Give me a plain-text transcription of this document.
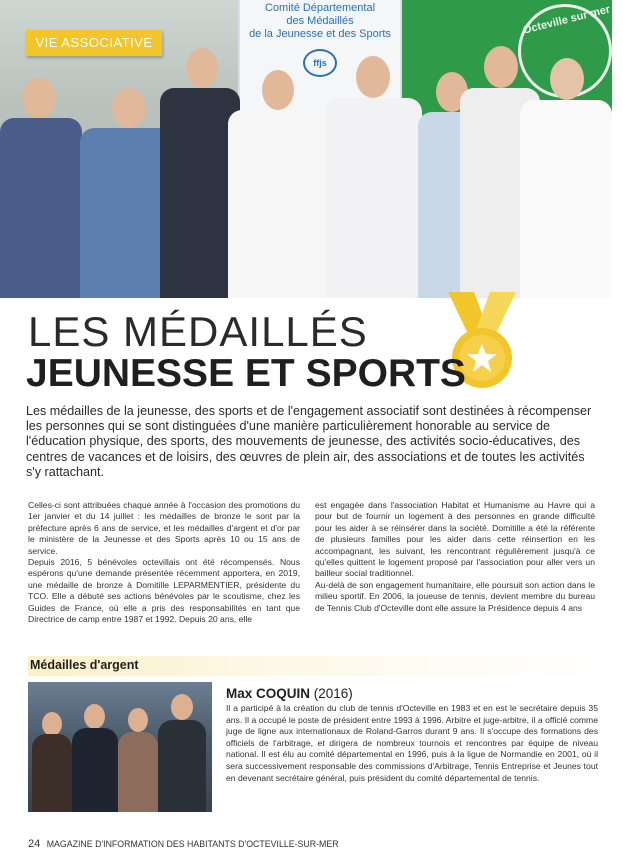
Octeville sur mer
Comité Départemental
des Médaillés
de la Jeunesse et des Sports
ffjs
VIE ASSOCIATIVE
LES MÉDAILLÉS
JEUNESSE ET SPORTS

Les médailles de la jeunesse, des sports et de l'engagement associatif sont destinées à récompenser les personnes qui se sont distinguées d'une manière particulièrement honorable au service de l'éducation physique, des sports, des mouvements de jeunesse, des activités socio-éducatives, des centres de vacances et de loisirs, des œuvres de plein air, des associations et de toutes les activités s'y rattachant.

Celles-ci sont attribuées chaque année à l'occasion des promotions du 1er janvier et du 14 juillet : les médailles de bronze le sont par la préfecture après 6 ans de service, et les médailles d'argent et d'or par le ministère de la Jeunesse et des Sports après 10 ou 15 ans de service.

Depuis 2016, 5 bénévoles octevillais ont été récompensés. Nous espérons qu'une demande présentée récemment apportera, en 2019, une médaille de bronze à Domitille LEPARMENTIER, présidente du TCO. Elle a débuté ses actions bénévoles par le scoutisme, chez les Guides de France, où elle a pris des responsabilités en tant que Directrice de camp entre 1987 et 1992. Depuis 20 ans, elle

est engagée dans l'association Habitat et Humanisme au Havre qui a pour but de fournir un logement à des personnes en grande difficulté pour les aider à se réinsérer dans la société. Domitille a été la référente de plusieurs familles pour les aider dans cette réinsertion en les accompagnant, les suivant, les rencontrant régulièrement jusqu'à ce qu'elles quittent le logement proposé par l'association pour aller vers un bailleur social traditionnel.

Au-delà de son engagement humanitaire, elle poursuit son action dans le milieu sportif. En 2006, la joueuse de tennis, devient membre du bureau de Tennis Club d'Octeville dont elle assure la Présidence depuis 4 ans

Médailles d'argent
Max COQUIN (2016)

Il a participé à la création du club de tennis d'Octeville en 1983 et en est le secrétaire depuis 35 ans. Il a occupé le poste de président entre 1993 à 1996. Arbitre et juge-arbitre, il a officié comme juge de ligne aux internationaux de Roland-Garros durant 9 ans. Il s'occupe des formations des officiels de l'arbitrage, et dirigera de nombreux tournois et rencontres par équipe de niveau national. Il est élu au comité départemental en 1996, puis à la ligue de Normandie en 2001, où il sera successivement responsable des commissions d'Arbitrage, Tennis Entreprise et Jeunes tout en devenant secrétaire général, puis président du comité départemental de tennis.

24 MAGAZINE D'INFORMATION DES HABITANTS D'OCTEVILLE-SUR-MER
